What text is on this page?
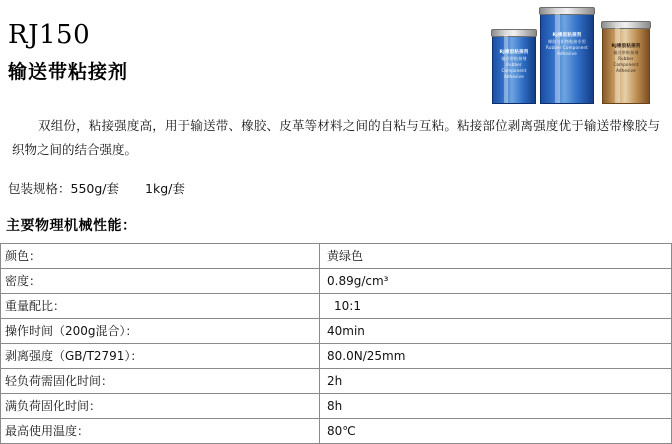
RJ150
输送带粘接剂
RJ橡胶粘接剂
输送带粘接剂
Rubber Component Adhesive
RJ橡胶粘接剂
橡胶与织物粘接专用
Rubber Component Adhesive
RJ橡胶粘接剂
输送带粘接剂
Rubber Component Adhesive
双组份，粘接强度高，用于输送带、橡胶、皮革等材料之间的自粘与互粘。粘接部位剥离强度优于输送带橡胶与织物之间的结合强度。
包装规格：550g/套 1kg/套
主要物理机械性能：
颜色：	黄绿色
密度：	0.89g/cm³
重量配比：	10:1
操作时间（200g混合）：	40min
剥离强度（GB/T2791）：	80.0N/25mm
轻负荷需固化时间：	2h
满负荷固化时间：	8h
最高使用温度：	80℃
